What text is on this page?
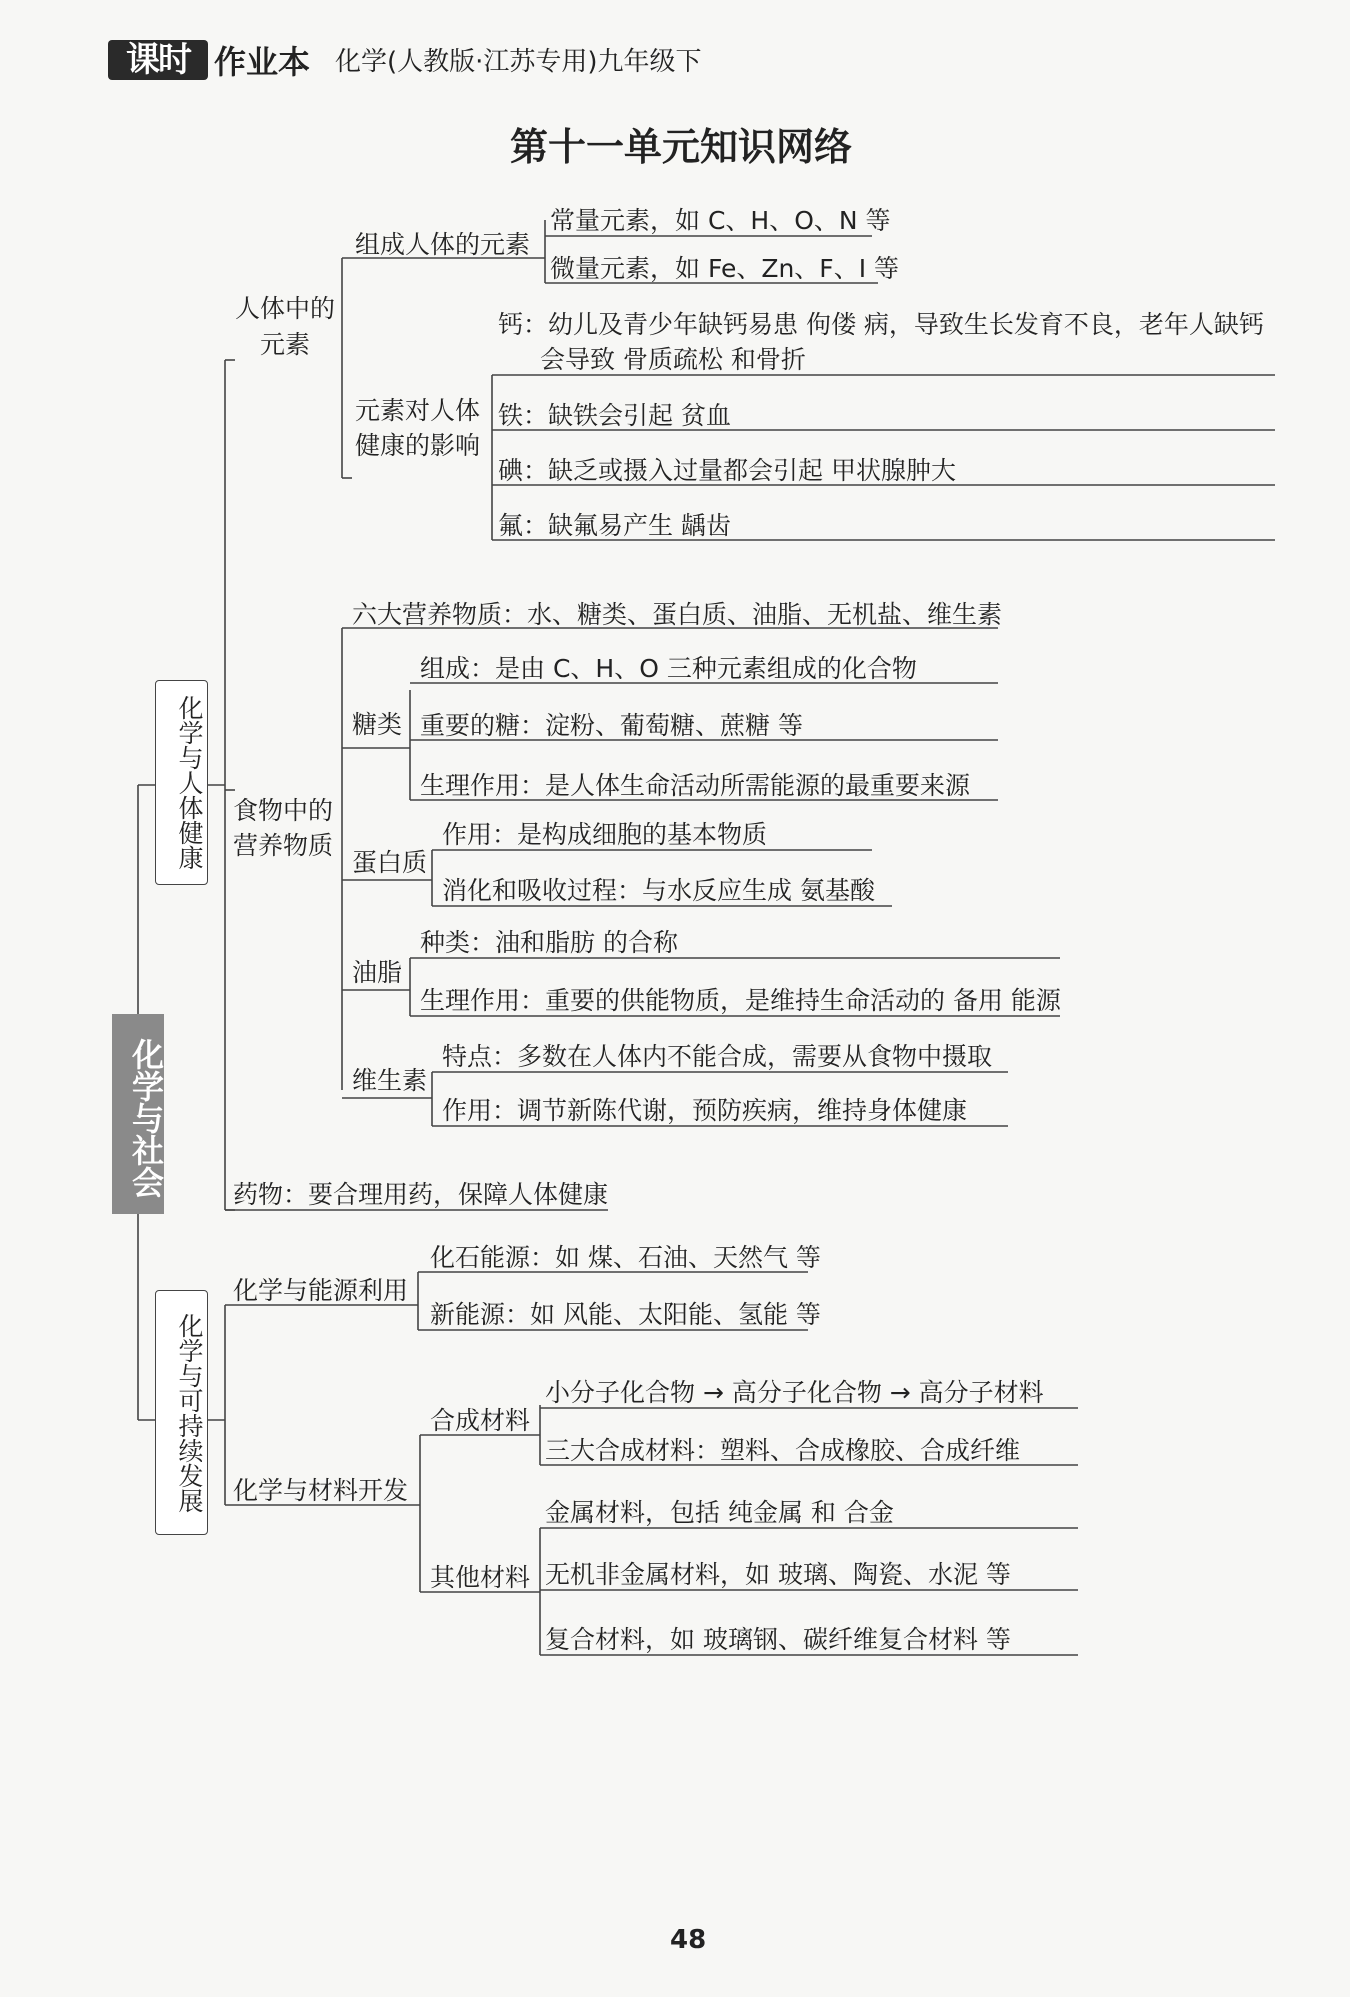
课时 作业本 化学(人教版·江苏专用)九年级下
第十一单元知识网络
化学与社会
化学与人体健康
化学与可持续发展
人体中的
元素
组成人体的元素
常量元素，如 C、H、O、N 等
微量元素，如 Fe、Zn、F、I 等
元素对人体
健康的影响
钙：幼儿及青少年缺钙易患 佝偻 病，导致生长发育不良，老年人缺钙
会导致 骨质疏松 和骨折
铁：缺铁会引起 贫血
碘：缺乏或摄入过量都会引起 甲状腺肿大
氟：缺氟易产生 龋齿
六大营养物质：水、糖类、蛋白质、油脂、无机盐、维生素
食物中的
营养物质
糖类
组成：是由 C、H、O 三种元素组成的化合物
重要的糖：淀粉、葡萄糖、蔗糖 等
生理作用：是人体生命活动所需能源的最重要来源
蛋白质
作用：是构成细胞的基本物质
消化和吸收过程：与水反应生成 氨基酸
油脂
种类：油和脂肪 的合称
生理作用：重要的供能物质，是维持生命活动的 备用 能源
维生素
特点：多数在人体内不能合成，需要从食物中摄取
作用：调节新陈代谢，预防疾病，维持身体健康
药物：要合理用药，保障人体健康
化学与能源利用
化石能源：如 煤、石油、天然气 等
新能源：如 风能、太阳能、氢能 等
化学与材料开发
合成材料
小分子化合物 → 高分子化合物 → 高分子材料
三大合成材料：塑料、合成橡胶、合成纤维
其他材料
金属材料，包括 纯金属 和 合金
无机非金属材料，如 玻璃、陶瓷、水泥 等
复合材料，如 玻璃钢、碳纤维复合材料 等
48
